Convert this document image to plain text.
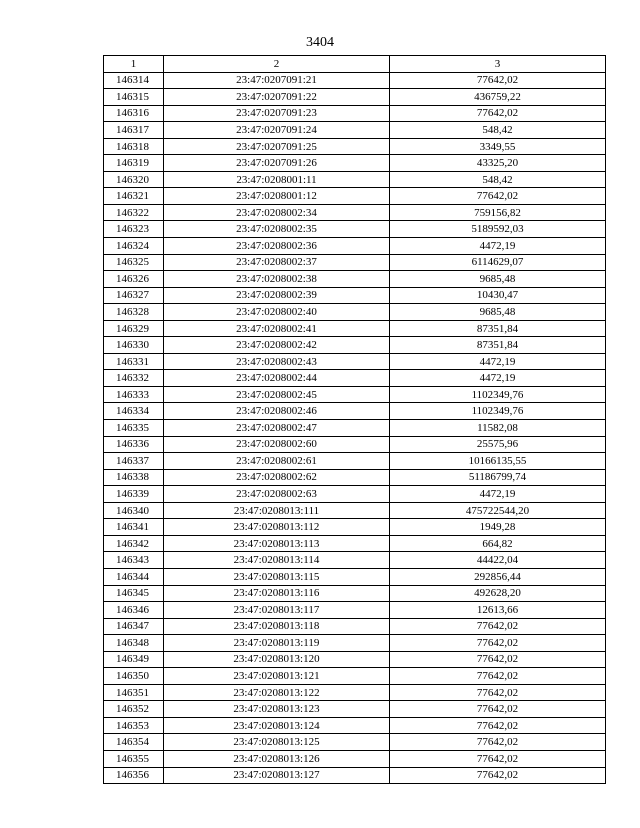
3404
1	2	3
146314	23:47:0207091:21	77642,02
146315	23:47:0207091:22	436759,22
146316	23:47:0207091:23	77642,02
146317	23:47:0207091:24	548,42
146318	23:47:0207091:25	3349,55
146319	23:47:0207091:26	43325,20
146320	23:47:0208001:11	548,42
146321	23:47:0208001:12	77642,02
146322	23:47:0208002:34	759156,82
146323	23:47:0208002:35	5189592,03
146324	23:47:0208002:36	4472,19
146325	23:47:0208002:37	6114629,07
146326	23:47:0208002:38	9685,48
146327	23:47:0208002:39	10430,47
146328	23:47:0208002:40	9685,48
146329	23:47:0208002:41	87351,84
146330	23:47:0208002:42	87351,84
146331	23:47:0208002:43	4472,19
146332	23:47:0208002:44	4472,19
146333	23:47:0208002:45	1102349,76
146334	23:47:0208002:46	1102349,76
146335	23:47:0208002:47	11582,08
146336	23:47:0208002:60	25575,96
146337	23:47:0208002:61	10166135,55
146338	23:47:0208002:62	51186799,74
146339	23:47:0208002:63	4472,19
146340	23:47:0208013:111	475722544,20
146341	23:47:0208013:112	1949,28
146342	23:47:0208013:113	664,82
146343	23:47:0208013:114	44422,04
146344	23:47:0208013:115	292856,44
146345	23:47:0208013:116	492628,20
146346	23:47:0208013:117	12613,66
146347	23:47:0208013:118	77642,02
146348	23:47:0208013:119	77642,02
146349	23:47:0208013:120	77642,02
146350	23:47:0208013:121	77642,02
146351	23:47:0208013:122	77642,02
146352	23:47:0208013:123	77642,02
146353	23:47:0208013:124	77642,02
146354	23:47:0208013:125	77642,02
146355	23:47:0208013:126	77642,02
146356	23:47:0208013:127	77642,02
